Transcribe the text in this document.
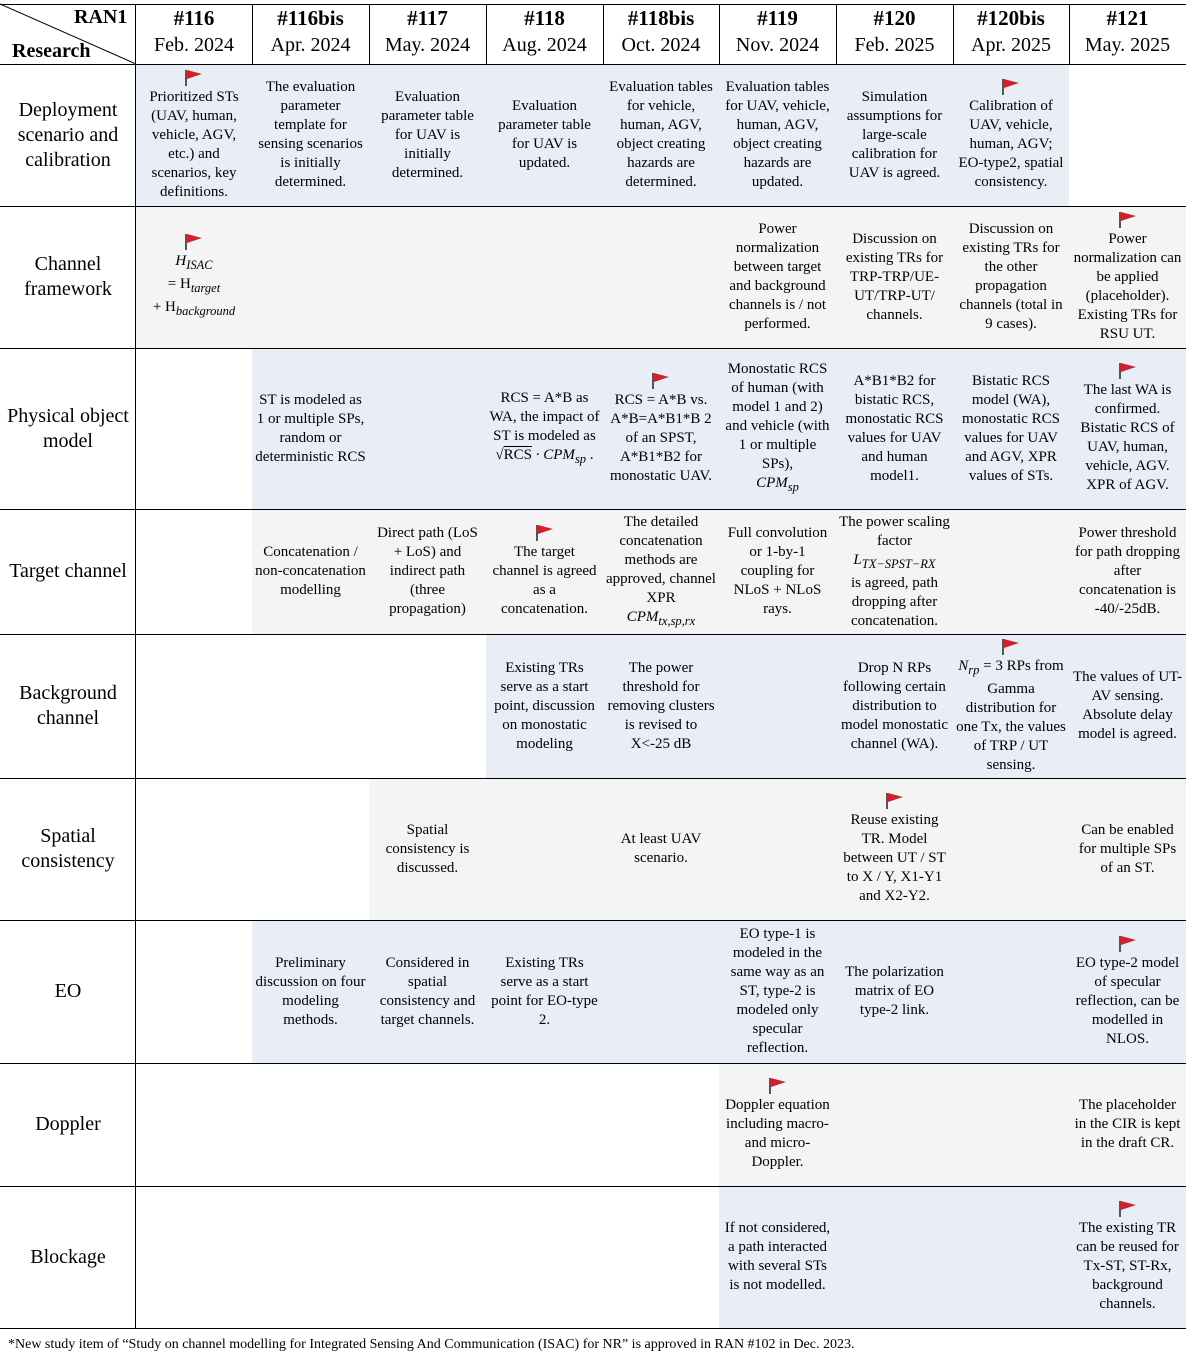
RAN1
Research
#116
Feb. 2024
#116bis
Apr. 2024
#117
May. 2024
#118
Aug. 2024
#118bis
Oct. 2024
#119
Nov. 2024
#120
Feb. 2025
#120bis
Apr. 2025
#121
May. 2025
Deployment scenario and calibration
Channel framework
Physical object model
Target channel
Background channel
Spatial consistency
EO
Doppler
Blockage
Prioritized STs (UAV, human, vehicle, AGV, etc.) and scenarios, key definitions.
The evaluation parameter template for sensing scenarios is initially determined.
Evaluation parameter table for UAV is initially determined.
Evaluation parameter table for UAV is updated.
Evaluation tables for vehicle, human, AGV, object creating hazards are determined.
Evaluation tables for UAV, vehicle, human, AGV, object creating hazards are updated.
Simulation assumptions for large-scale calibration for UAV is agreed.
Calibration of UAV, vehicle, human, AGV; EO-type2, spatial consistency.
$H_{ISAC}$
= $H_{target}$
+ $H_{background}$
Power normalization between target and background channels is / not performed.
Discussion on existing TRs for TRP-TRP/UE-UT/TRP-UT/ channels.
Discussion on existing TRs for the other propagation channels (total in 9 cases).
Power normalization can be applied (placeholder). Existing TRs for RSU UT.
ST is modeled as 1 or multiple SPs, random or deterministic RCS
RCS = A*B as WA, the impact of ST is modeled as
$√RCS \cdot CPM_{sp}$ .
RCS = A*B vs. A*B=A*B1*B 2 of an SPST, A*B1*B2 for monostatic UAV.
Monostatic RCS of human (with model 1 and 2) and vehicle (with 1 or multiple SPs),
$CPM_{sp}$
A*B1*B2 for bistatic RCS, monostatic RCS values for UAV and human model1.
Bistatic RCS model (WA), monostatic RCS values for UAV and AGV, XPR values of STs.
The last WA is confirmed. Bistatic RCS of UAV, human, vehicle, AGV. XPR of AGV.
Concatenation / non-concatenation modelling
Direct path (LoS + LoS) and indirect path (three propagation)
The target channel is agreed as a concatenation.
The detailed concatenation methods are approved, channel XPR
$CPM_{tx,sp,rx}$
Full convolution or 1-by-1 coupling for NLoS + NLoS rays.
The power scaling factor
$L_{TX-SPST-RX}$
is agreed, path dropping after concatenation.
Power threshold for path dropping after concatenation is -40/-25dB.
Existing TRs serve as a start point, discussion on monostatic modeling
The power threshold for removing clusters is revised to X<-25 dB
Drop N RPs following certain distribution to model monostatic channel (WA).
$N_{rp} = 3$ RPs from Gamma distribution for one Tx, the values of TRP / UT sensing.
The values of UT-AV sensing. Absolute delay model is agreed.
Spatial consistency is discussed.
At least UAV scenario.
Reuse existing TR. Model between UT / ST to X / Y, X1-Y1 and X2-Y2.
Can be enabled for multiple SPs of an ST.
Preliminary discussion on four modeling methods.
Considered in spatial consistency and target channels.
Existing TRs serve as a start point for EO-type 2.
EO type-1 is modeled in the same way as an ST, type-2 is modeled only specular reflection.
The polarization matrix of EO type-2 link.
EO type-2 model of specular reflection, can be modelled in NLOS.
Doppler equation including macro- and micro-Doppler.
The placeholder in the CIR is kept in the draft CR.
If not considered, a path interacted with several STs is not modelled.
The existing TR can be reused for Tx-ST, ST-Rx, background channels.
*New study item of “Study on channel modelling for Integrated Sensing And Communication (ISAC) for NR” is approved in RAN #102 in Dec. 2023.
